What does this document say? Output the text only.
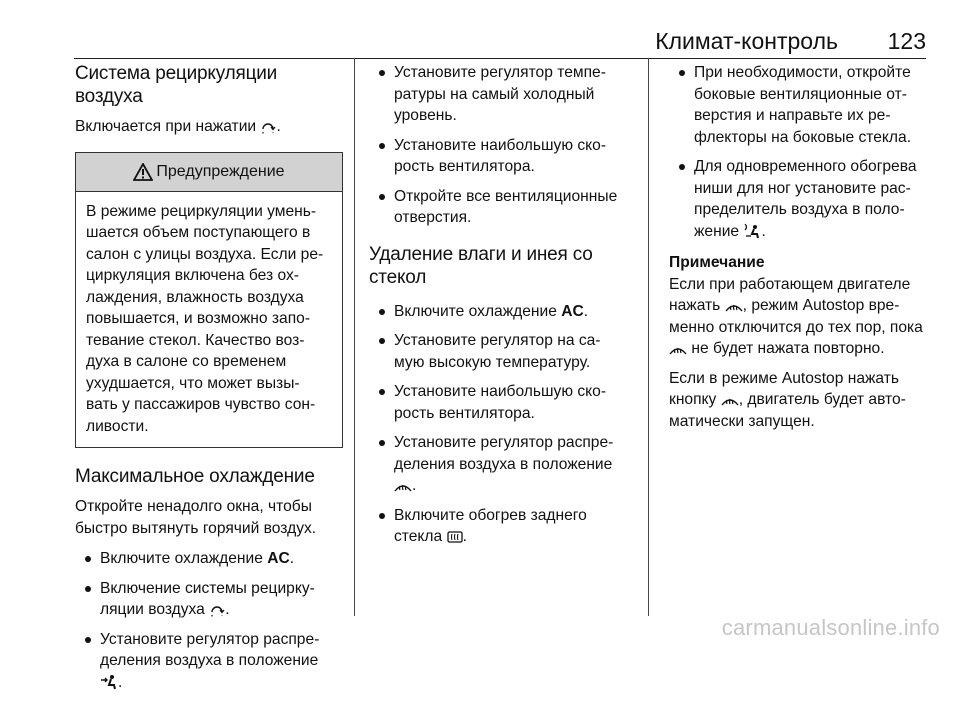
Климат-контроль 123
Система рециркуляции воздуха

Включается при нажатии .

Предупреждение
В режиме рециркуляции умень-
шается объем поступающего в
салон с улицы воздуха. Если ре-
циркуляция включена без ох-
лаждения, влажность воздуха
повышается, и возможно запо-
тевание стекол. Качество воз-
духа в салоне со временем
ухудшается, что может вызы-
вать у пассажиров чувство сон-
ливости.
Максимальное охлаждение

Откройте ненадолго окна, чтобы
быстро вытянуть горячий воздух.

Включите охлаждение AC.
Включение системы рецирку-
ляции воздуха .
Установите регулятор распре-
деления воздуха в положение
.
Установите регулятор темпе-
ратуры на самый холодный
уровень.
Установите наибольшую ско-
рость вентилятора.
Откройте все вентиляционные
отверстия.
Удаление влаги и инея со
стекол
Включите охлаждение AC.
Установите регулятор на са-
мую высокую температуру.
Установите наибольшую ско-
рость вентилятора.
Установите регулятор распре-
деления воздуха в положение
.
Включите обогрев заднего
стекла .
При необходимости, откройте
боковые вентиляционные от-
верстия и направьте их ре-
флекторы на боковые стекла.
Для одновременного обогрева
ниши для ног установите рас-
пределитель воздуха в поло-
жение .
Примечание

Если при работающем двигателе
нажать , режим Autostop вре-
менно отключится до тех пор, пока
не будет нажата повторно.

Если в режиме Autostop нажать
кнопку , двигатель будет авто-
матически запущен.

carmanualsonline.info
